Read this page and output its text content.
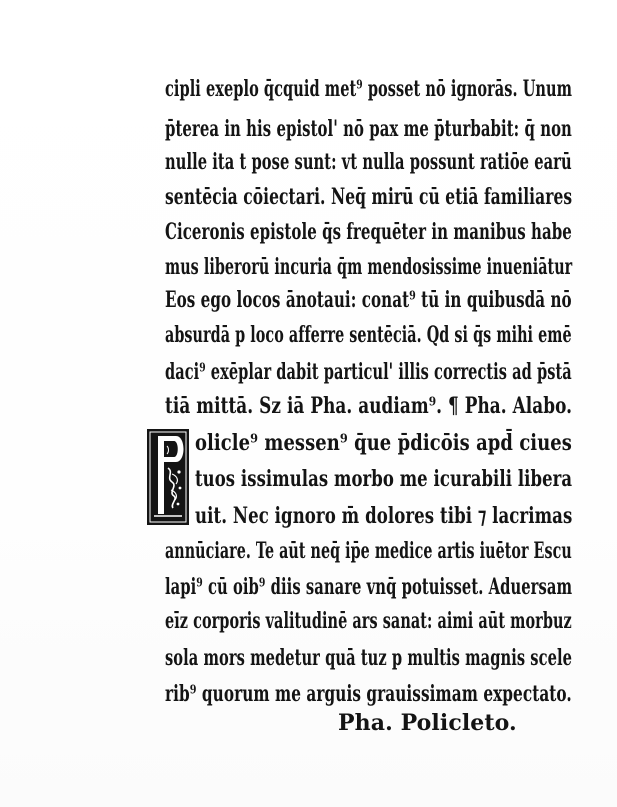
cipli exeplo q̄cquid met⁹ posset nō ignorās. Unum
p̄terea in his epistol' nō pax me p̄turbabit: q̄ non
nulle ita t pose sunt: vt nulla possunt ratiōe earū
sentēcia cōiectari. Neq̄ mirū cū etiā familiares
Ciceronis epistole q̄s frequēter in manibus habe
mus liberorū incuria q̄m mendosissime inueniātur
Eos ego locos ānotaui: conat⁹ tū in quibusdā nō
absurdā p loco afferre sentēciā. Qd si q̄s mihi emē
daci⁹ exēplar dabit particul' illis correctis ad p̄stā
tiā mittā. Sz iā Pha. audiam⁹. ¶ Pha. Alabo.
olicle⁹ messen⁹ q̄ue p̄dicōis apd̄ ciues
tuos issimulas morbo me icurabili libera
uit. Nec ignoro m̄ dolores tibi ⁊ lacrimas
annūciare. Te aūt neq̄ ip̄e medice artis iuētor Escu
lapi⁹ cū oib⁹ diis sanare vnq̄ potuisset. Aduersam
eīz corporis valitudinē ars sanat: aimi aūt morbuz
sola mors medetur quā tuz p multis magnis scele
rib⁹ quorum me arguis grauissimam expectato.
Pha. Policleto.
